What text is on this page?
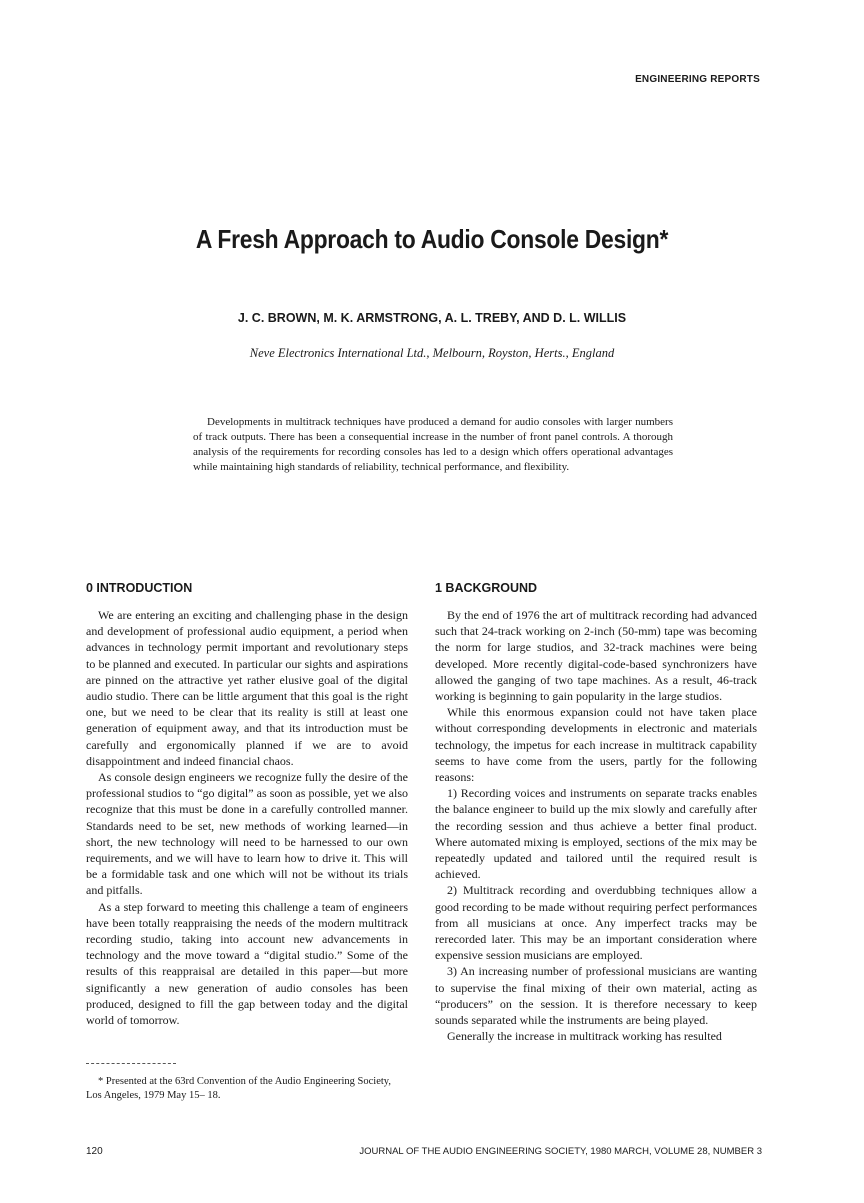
ENGINEERING REPORTS
A Fresh Approach to Audio Console Design*
J. C. BROWN, M. K. ARMSTRONG, A. L. TREBY, AND D. L. WILLIS
Neve Electronics International Ltd., Melbourn, Royston, Herts., England

Developments in multitrack techniques have produced a demand for audio consoles with larger numbers of track outputs. There has been a consequential increase in the number of front panel controls. A thorough analysis of the requirements for recording consoles has led to a design which offers operational advantages while maintaining high standards of reliability, technical performance, and flexibility.

0 INTRODUCTION

We are entering an exciting and challenging phase in the design and development of professional audio equipment, a period when advances in technology permit important and revolutionary steps to be planned and executed. In particular our sights and aspirations are pinned on the attractive yet rather elusive goal of the digital audio studio. There can be little argument that this goal is the right one, but we need to be clear that its reality is still at least one generation of equipment away, and that its introduction must be carefully and ergonomically planned if we are to avoid disappointment and indeed financial chaos.

As console design engineers we recognize fully the desire of the professional studios to “go digital” as soon as possible, yet we also recognize that this must be done in a carefully controlled manner. Standards need to be set, new methods of working learned—in short, the new technology will need to be harnessed to our own requirements, and we will have to learn how to drive it. This will be a formidable task and one which will not be without its trials and pitfalls.

As a step forward to meeting this challenge a team of engineers have been totally reappraising the needs of the modern multitrack recording studio, taking into account new advancements in technology and the move toward a “digital studio.” Some of the results of this reappraisal are detailed in this paper—but more significantly a new generation of audio consoles has been produced, designed to fill the gap between today and the digital world of tomorrow.

1 BACKGROUND

By the end of 1976 the art of multitrack recording had advanced such that 24-track working on 2-inch (50-mm) tape was becoming the norm for large studios, and 32-track machines were being developed. More recently digital-code-based synchronizers have allowed the ganging of two tape machines. As a result, 46-track working is beginning to gain popularity in the large studios.

While this enormous expansion could not have taken place without corresponding developments in electronic and materials technology, the impetus for each increase in multitrack capability seems to have come from the users, partly for the following reasons:

1) Recording voices and instruments on separate tracks enables the balance engineer to build up the mix slowly and carefully after the recording session and thus achieve a better final product. Where automated mixing is employed, sections of the mix may be repeatedly updated and tailored until the required result is achieved.

2) Multitrack recording and overdubbing techniques allow a good recording to be made without requiring perfect performances from all musicians at once. Any imperfect tracks may be rerecorded later. This may be an important consideration where expensive session musicians are employed.

3) An increasing number of professional musicians are wanting to supervise the final mixing of their own material, acting as “producers” on the session. It is therefore necessary to keep sounds separated while the instruments are being played.

Generally the increase in multitrack working has resulted

* Presented at the 63rd Convention of the Audio Engineering Society, Los Angeles, 1979 May 15– 18.

120	JOURNAL OF THE AUDIO ENGINEERING SOCIETY, 1980 MARCH, VOLUME 28, NUMBER 3
